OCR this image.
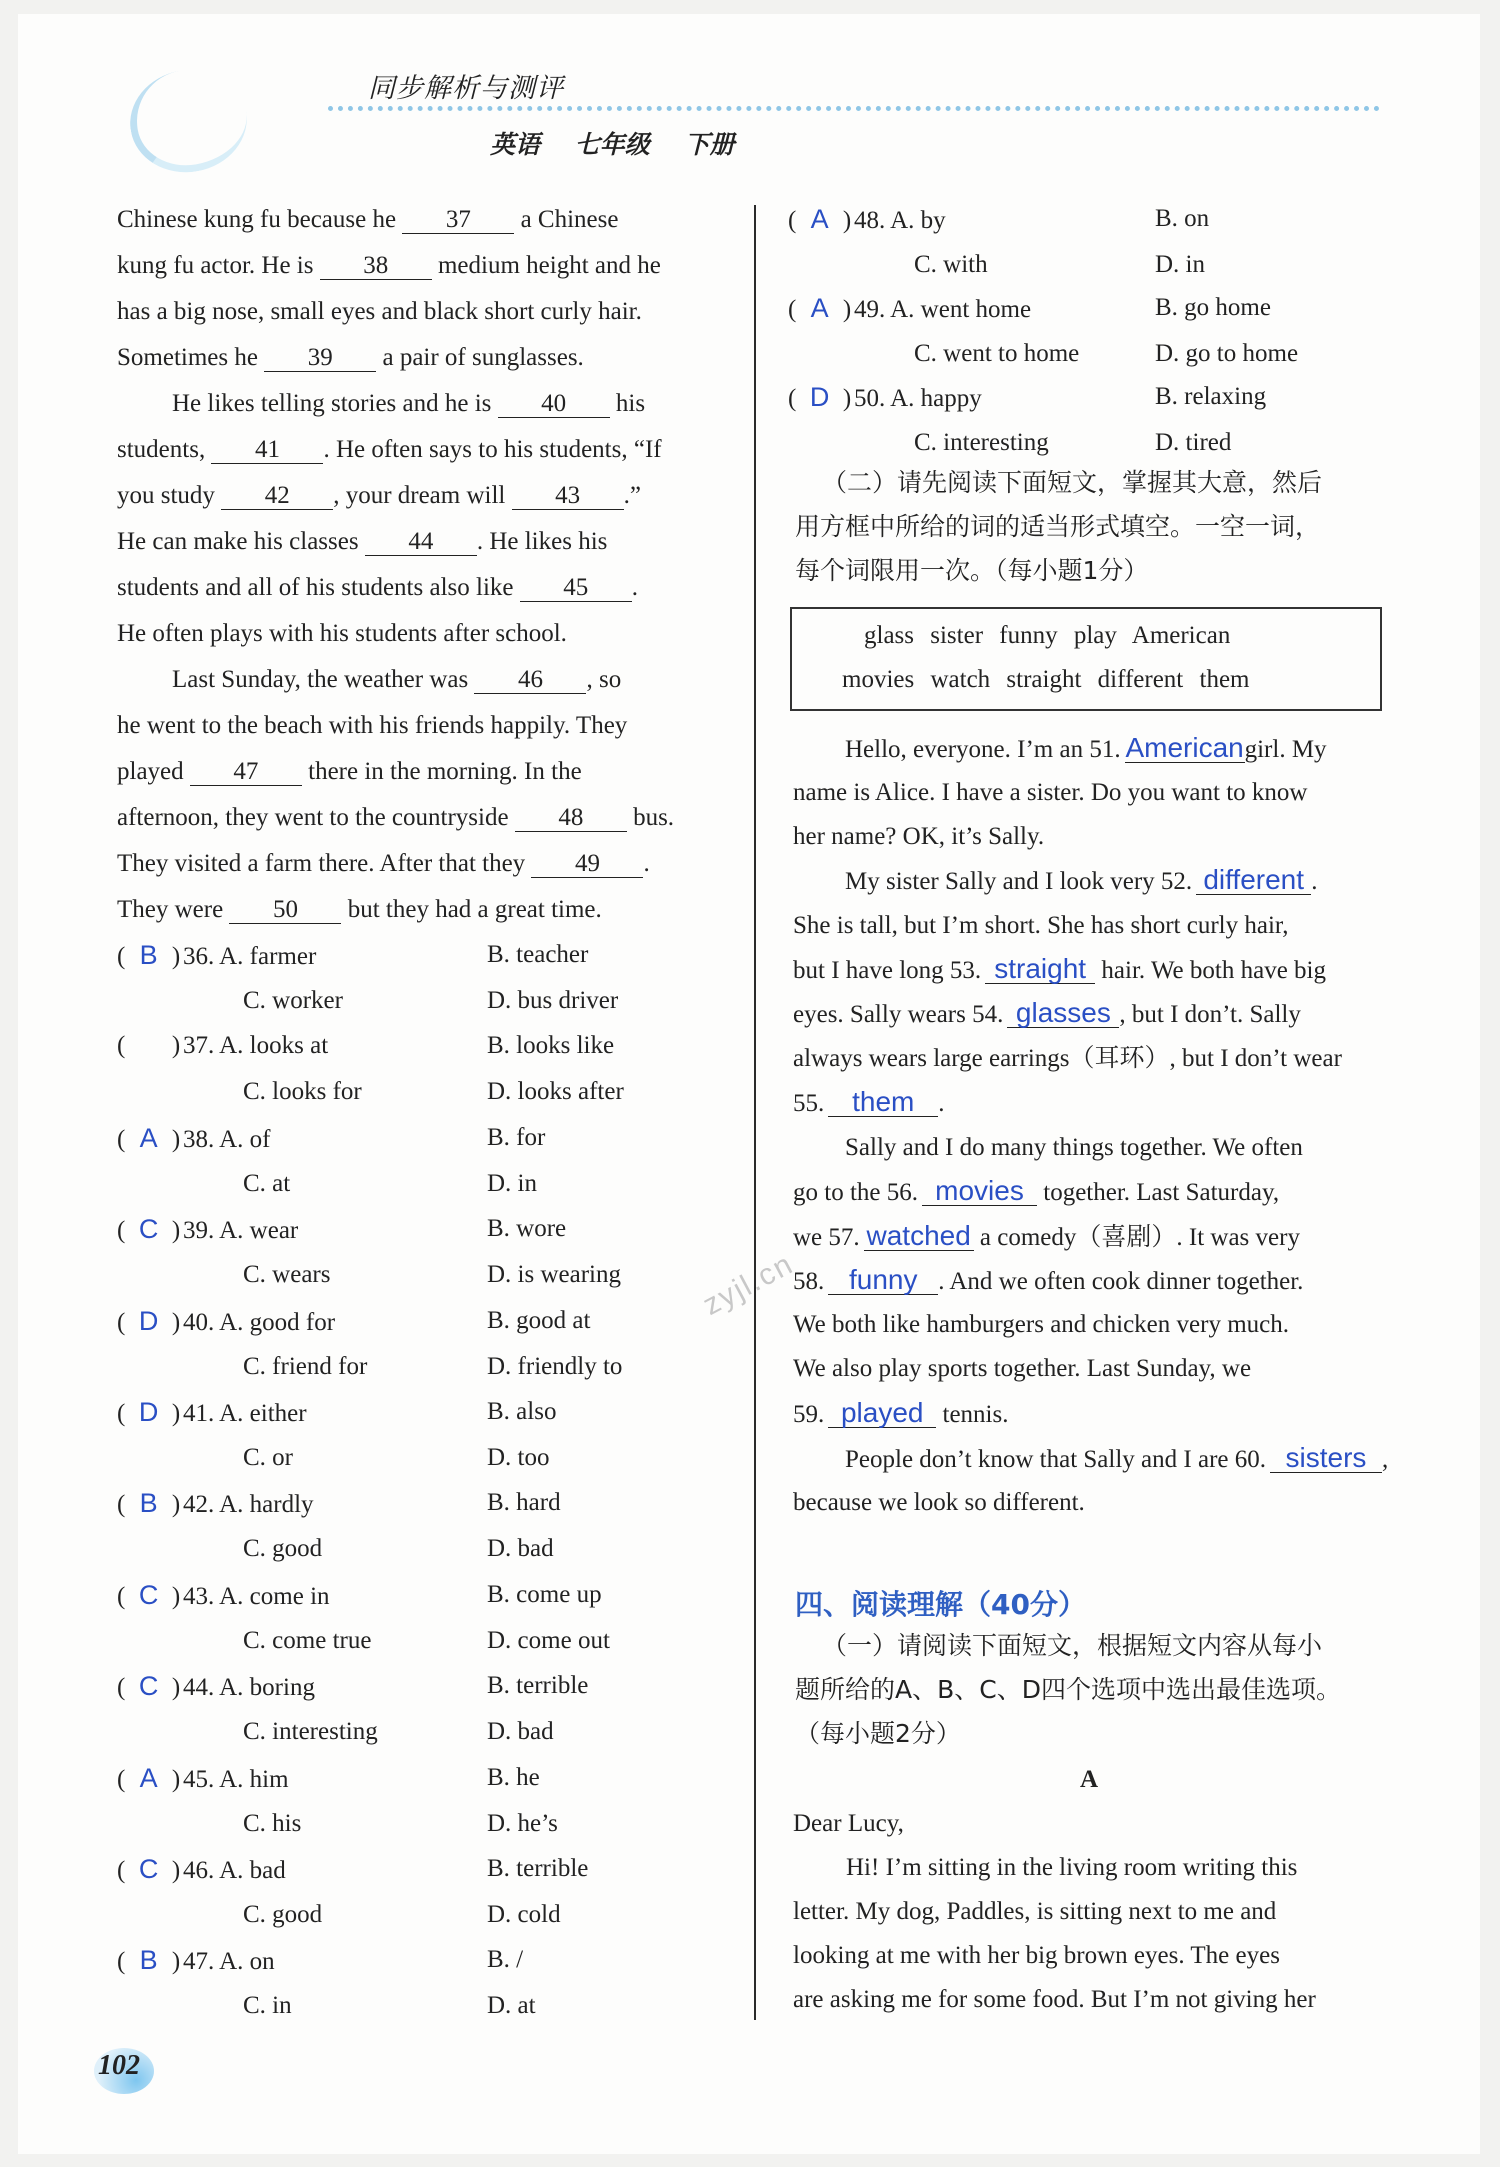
同步解析与测评
英语 七年级 下册
Chinese kung fu because he 37 a Chinese
kung fu actor. He is 38 medium height and he
has a big nose, small eyes and black short curly hair.
Sometimes he 39 a pair of sunglasses.
He likes telling stories and he is 40 his
students, 41 . He often says to his students, “If
you study 42 , your dream will 43 .”
He can make his classes 44 . He likes his
students and all of his students also like 45 .
He often plays with his students after school.
Last Sunday, the weather was 46 , so
he went to the beach with his friends happily. They
played 47 there in the morning. In the
afternoon, they went to the countryside 48 bus.
They visited a farm there. After that they 49 .
They were 50 but they had a great time.
( B ) 36. A. farmer	B. teacher
C. worker	D. bus driver
(  ) 37. A. looks at	B. looks like
C. looks for	D. looks after
( A ) 38. A. of	B. for
C. at	D. in
( C ) 39. A. wear	B. wore
C. wears	D. is wearing
( D ) 40. A. good for	B. good at
C. friend for	D. friendly to
( D ) 41. A. either	B. also
C. or	D. too
( B ) 42. A. hardly	B. hard
C. good	D. bad
( C ) 43. A. come in	B. come up
C. come true	D. come out
( C ) 44. A. boring	B. terrible
C. interesting	D. bad
( A ) 45. A. him	B. he
C. his	D. he’s
( C ) 46. A. bad	B. terrible
C. good	D. cold
( B ) 47. A. on	B. /
C. in	D. at
( A ) 48. A. by	B. on
C. with	D. in
( A ) 49. A. went home	B. go home
C. went to home	D. go to home
( D ) 50. A. happy	B. relaxing
C. interesting	D. tired
（二）请先阅读下面短文，掌握其大意，然后
用方框中所给的词的适当形式填空。一空一词，
每个词限用一次。（每小题1分）
glass sister funny play American
movies watch straight different them
Hello, everyone. I’m an 51. Americangirl. My
name is Alice. I have a sister. Do you want to know
her name? OK, it’s Sally.
My sister Sally and I look very 52. different .
She is tall, but I’m short. She has short curly hair,
but I have long 53. straight hair. We both have big
eyes. Sally wears 54. glasses , but I don’t. Sally
always wears large earrings（耳环）, but I don’t wear
55. them .
Sally and I do many things together. We often
go to the 56. movies together. Last Saturday,
we 57. watched a comedy（喜剧）. It was very
58. funny . And we often cook dinner together.
We both like hamburgers and chicken very much.
We also play sports together. Last Sunday, we
59. played tennis.
People don’t know that Sally and I are 60. sisters ,
because we look so different.
四、阅读理解（40分）
（一）请阅读下面短文，根据短文内容从每小
题所给的A、B、C、D四个选项中选出最佳选项。
（每小题2分）
A
Dear Lucy,
Hi! I’m sitting in the living room writing this
letter. My dog, Paddles, is sitting next to me and
looking at me with her big brown eyes. The eyes
are asking me for some food. But I’m not giving her
zyjl.cn
102
